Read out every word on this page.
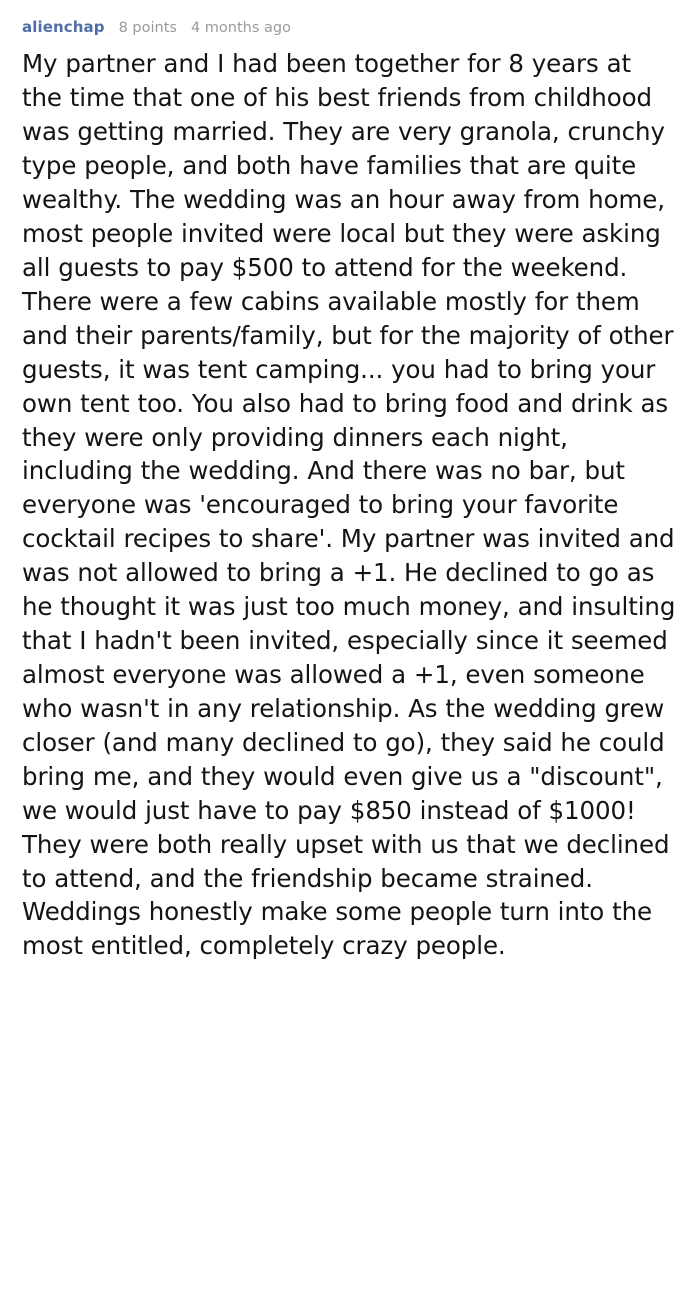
alienchap 8 points 4 months ago

My partner and I had been together for 8 years at the time that one of his best friends from childhood was getting married. They are very granola, crunchy type people, and both have families that are quite wealthy. The wedding was an hour away from home, most people invited were local but they were asking all guests to pay $500 to attend for the weekend. There were a few cabins available mostly for them and their parents/family, but for the majority of other guests, it was tent camping... you had to bring your own tent too. You also had to bring food and drink as they were only providing dinners each night, including the wedding. And there was no bar, but everyone was 'encouraged to bring your favorite cocktail recipes to share'. My partner was invited and was not allowed to bring a +1. He declined to go as he thought it was just too much money, and insulting that I hadn't been invited, especially since it seemed almost everyone was allowed a +1, even someone who wasn't in any relationship. As the wedding grew closer (and many declined to go), they said he could bring me, and they would even give us a "discount", we would just have to pay $850 instead of $1000! They were both really upset with us that we declined to attend, and the friendship became strained. Weddings honestly make some people turn into the most entitled, completely crazy people.
